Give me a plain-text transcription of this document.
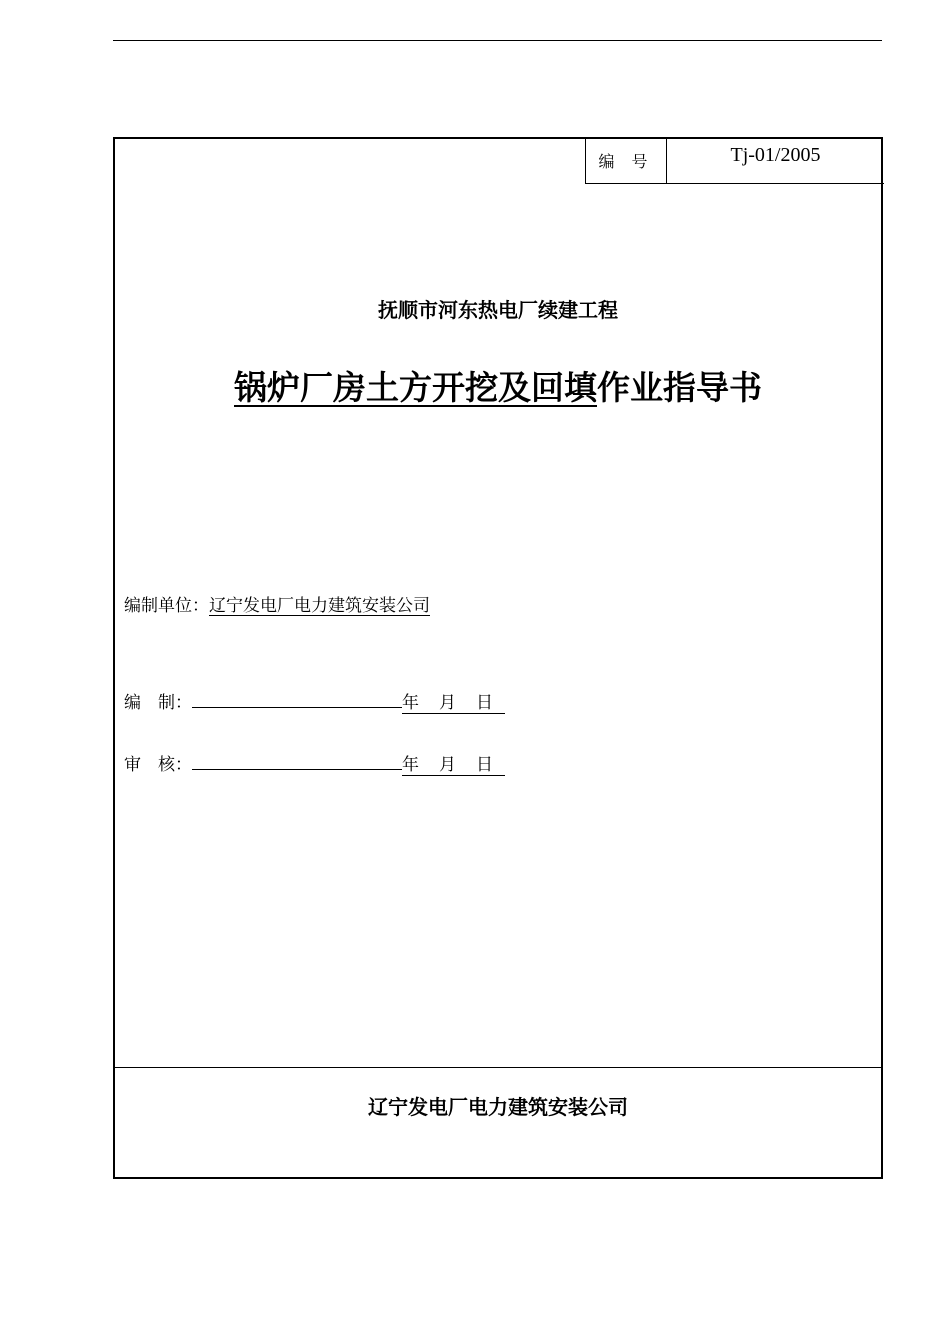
编 号	Tj-01/2005
抚顺市河东热电厂续建工程
锅炉厂房土方开挖及回填作业指导书
编制单位：辽宁发电厂电力建筑安装公司
编　制：	年 月 日
审　核：	年 月 日
辽宁发电厂电力建筑安装公司
